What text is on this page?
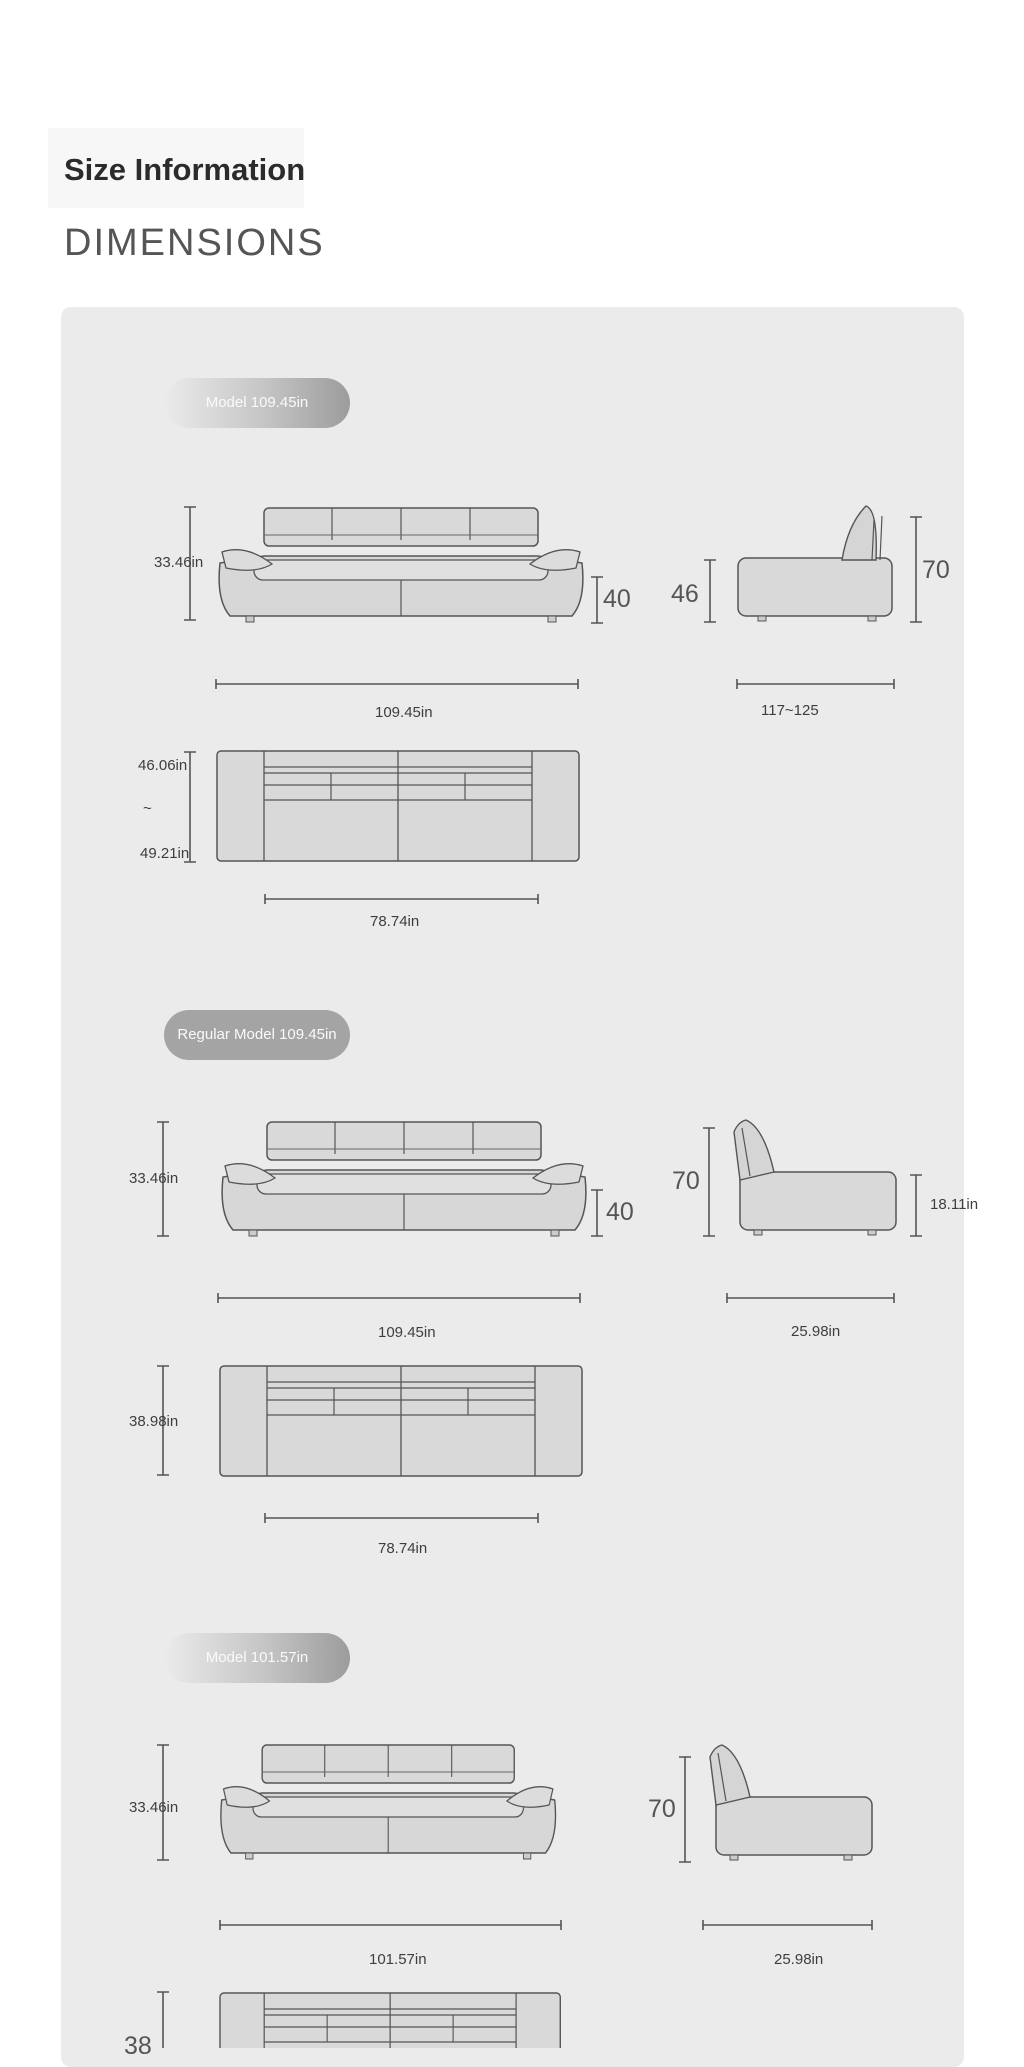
Size Information
DIMENSIONS
Model 109.45in
33.46in
40 46
70
109.45in	117~125
46.06in
~
49.21in
78.74in
Regular Model 109.45in
33.46in
40
70
18.11in
109.45in	25.98in
38.98in
78.74in
Model 101.57in
33.46in	70
101.57in	25.98in
38
